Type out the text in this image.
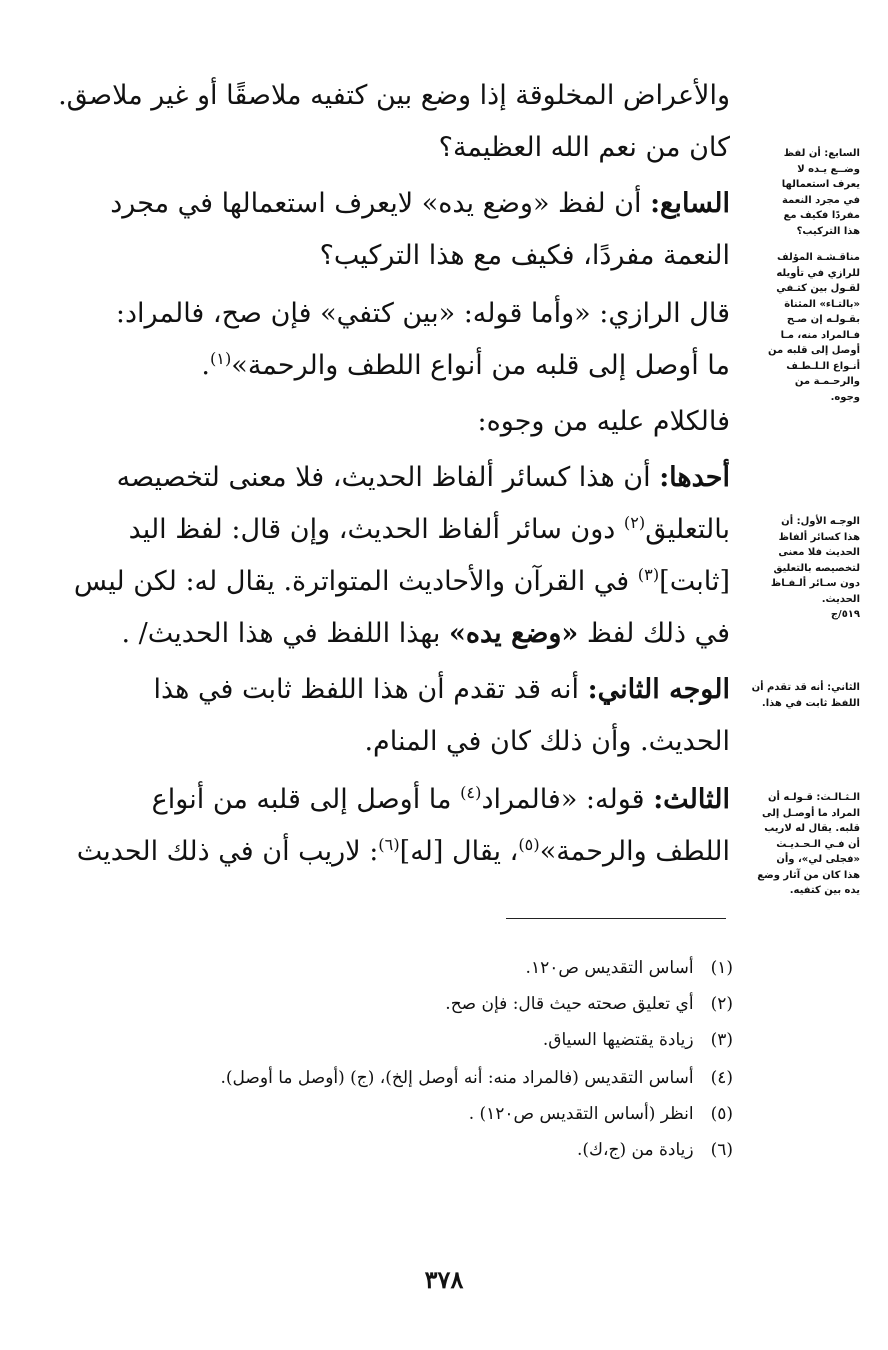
والأعراض المخلوقة إذا وضع بين كتفيه ملاصقًا أو غير ملاصق.
كان من نعم الله العظيمة؟
السابع: أن لفظ «وضع يده» لايعرف استعمالها في مجرد
النعمة مفردًا، فكيف مع هذا التركيب؟
قال الرازي: «وأما قوله: «بين كتفي» فإن صح، فالمراد:
ما أوصل إلى قلبه من أنواع اللطف والرحمة»$^{(١)}$.
فالكلام عليه من وجوه:
أحدها: أن هذا كسائر ألفاظ الحديث، فلا معنى لتخصيصه
بالتعليق$^{(٢)}$ دون سائر ألفاظ الحديث، وإن قال: لفظ اليد
[ثابت]$^{(٣)}$ في القرآن والأحاديث المتواترة. يقال له: لكن ليس
في ذلك لفظ «وضع يده» بهذا اللفظ في هذا الحديث/ .
الوجه الثاني: أنه قد تقدم أن هذا اللفظ ثابت في هذا
الحديث. وأن ذلك كان في المنام.
الثالث: قوله: «فالمراد$^{(٤)}$ ما أوصل إلى قلبه من أنواع
اللطف والرحمة»$^{(٥)}$، يقال [له]$^{(٦)}$: لاريب أن في ذلك الحديث
السابع: أن لفظ
وضــع يـده لا
يعرف استعمالها
في مجرد النعمة
مفردًا فكيف مع
هذا التركيب؟
مناقـشـة المؤلف
للرازي في تأويله
لقـول بين كتـفي
«بالتـاء» المثناة
بقـولـه إن صـح
فـالمراد منه، مـا
أوصل إلى قلبه من
أنـواع الـلـطـف
والرحـمـة من
وجوه.
الوجـه الأول: أن
هذا كسائر ألفاظ
الحديث فلا معنى
لتخصيصه بالتعليق
دون سـائر ألـفـاظ
الحديث.
٥١٩/ج
الثاني: أنه قد تقدم أن
اللفظ ثابت في هذا.
الـثـالـث: قـولـه أن
المراد ما أوصـل إلى
قلبه. يقال له لاريب
أن فـي الـحـديـث
«فجلى لي»، وأن
هذا كان من آثار وضع
يده بين كتفيه.
(١) أساس التقديس ص١٢٠.
(٢) أي تعليق صحته حيث قال: فإن صح.
(٣) زيادة يقتضيها السياق.
(٤) أساس التقديس (فالمراد منه: أنه أوصل إلخ)، (ج) (أوصل ما أوصل).
(٥) انظر (أساس التقديس ص١٢٠) .
(٦) زيادة من (ج،ك).
٣٧٨
